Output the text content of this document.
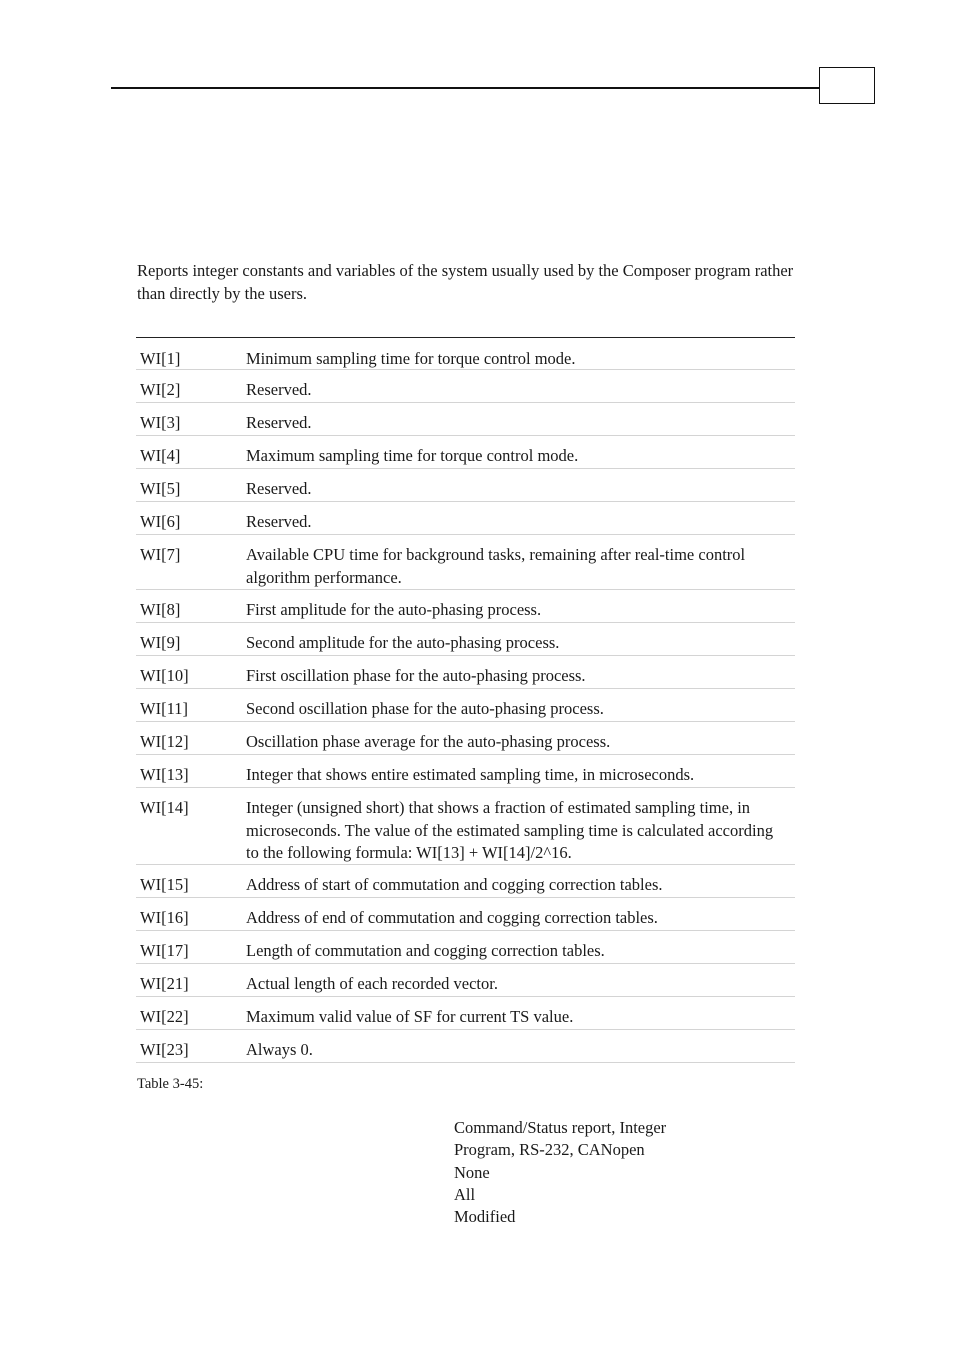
Reports integer constants and variables of the system usually used by the Composer program rather than directly by the users.
WI[1]	Minimum sampling time for torque control mode.
WI[2]	Reserved.
WI[3]	Reserved.
WI[4]	Maximum sampling time for torque control mode.
WI[5]	Reserved.
WI[6]	Reserved.
WI[7]	Available CPU time for background tasks, remaining after real-time control algorithm performance.
WI[8]	First amplitude for the auto-phasing process.
WI[9]	Second amplitude for the auto-phasing process.
WI[10]	First oscillation phase for the auto-phasing process.
WI[11]	Second oscillation phase for the auto-phasing process.
WI[12]	Oscillation phase average for the auto-phasing process.
WI[13]	Integer that shows entire estimated sampling time, in microseconds.
WI[14]	Integer (unsigned short) that shows a fraction of estimated sampling time, in microseconds. The value of the estimated sampling time is calculated according to the following formula: WI[13] + WI[14]/2^16.
WI[15]	Address of start of commutation and cogging correction tables.
WI[16]	Address of end of commutation and cogging correction tables.
WI[17]	Length of commutation and cogging correction tables.
WI[21]	Actual length of each recorded vector.
WI[22]	Maximum valid value of SF for current TS value.
WI[23]	Always 0.
Table 3-45:
Command/Status report, Integer
Program, RS-232, CANopen
None
All
Modified
